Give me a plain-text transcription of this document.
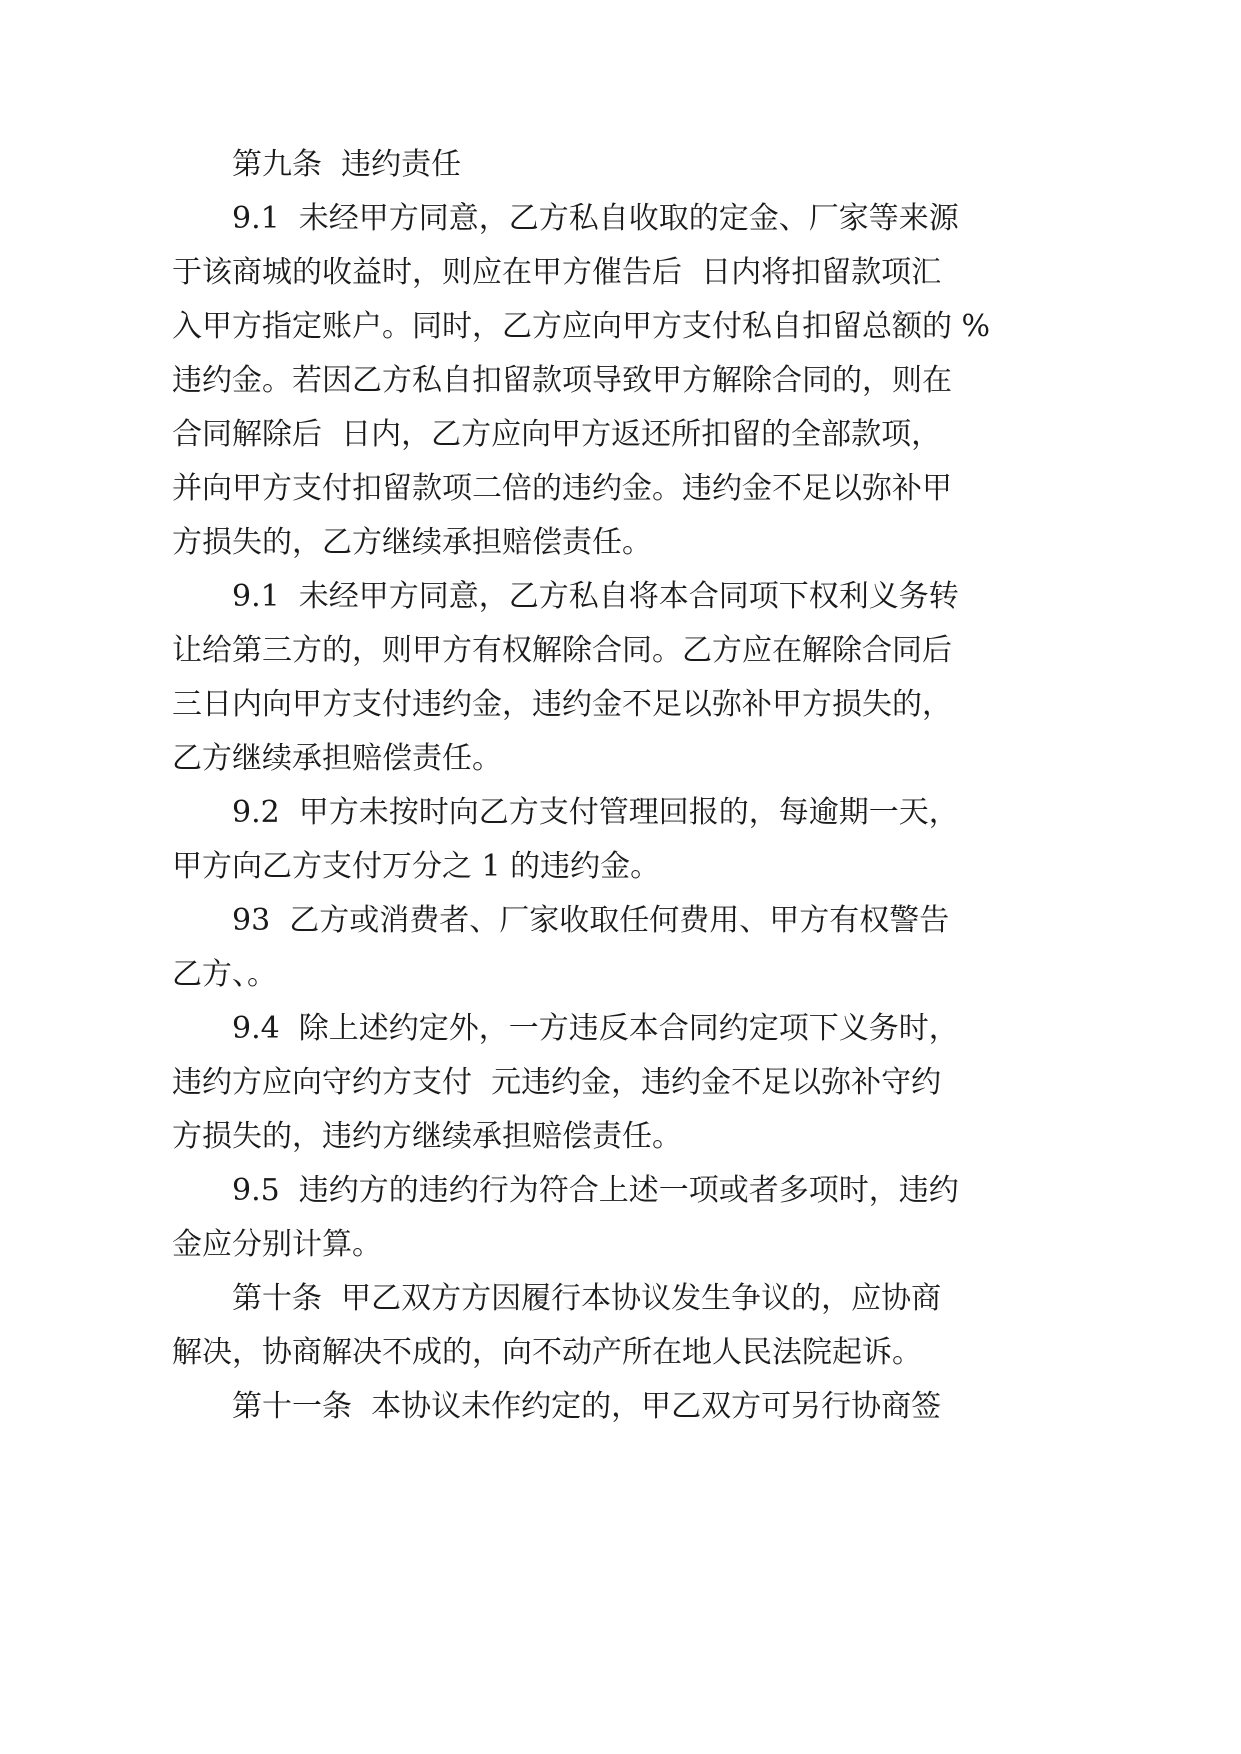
第九条  违约责任
9.1  未经甲方同意，乙方私自收取的定金、厂家等来源
于该商城的收益时，则应在甲方催告后  日内将扣留款项汇
入甲方指定账户。同时，乙方应向甲方支付私自扣留总额的 %
违约金。若因乙方私自扣留款项导致甲方解除合同的，则在
合同解除后  日内，乙方应向甲方返还所扣留的全部款项，
并向甲方支付扣留款项二倍的违约金。违约金不足以弥补甲
方损失的，乙方继续承担赔偿责任。
9.1  未经甲方同意，乙方私自将本合同项下权利义务转
让给第三方的，则甲方有权解除合同。乙方应在解除合同后
三日内向甲方支付违约金，违约金不足以弥补甲方损失的，
乙方继续承担赔偿责任。
9.2  甲方未按时向乙方支付管理回报的，每逾期一天，
甲方向乙方支付万分之 1 的违约金。
93  乙方或消费者、厂家收取任何费用、甲方有权警告
乙方、。
9.4  除上述约定外，一方违反本合同约定项下义务时，
违约方应向守约方支付  元违约金，违约金不足以弥补守约
方损失的，违约方继续承担赔偿责任。
9.5  违约方的违约行为符合上述一项或者多项时，违约
金应分别计算。
第十条  甲乙双方方因履行本协议发生争议的，应协商
解决，协商解决不成的，向不动产所在地人民法院起诉。
第十一条  本协议未作约定的，甲乙双方可另行协商签
